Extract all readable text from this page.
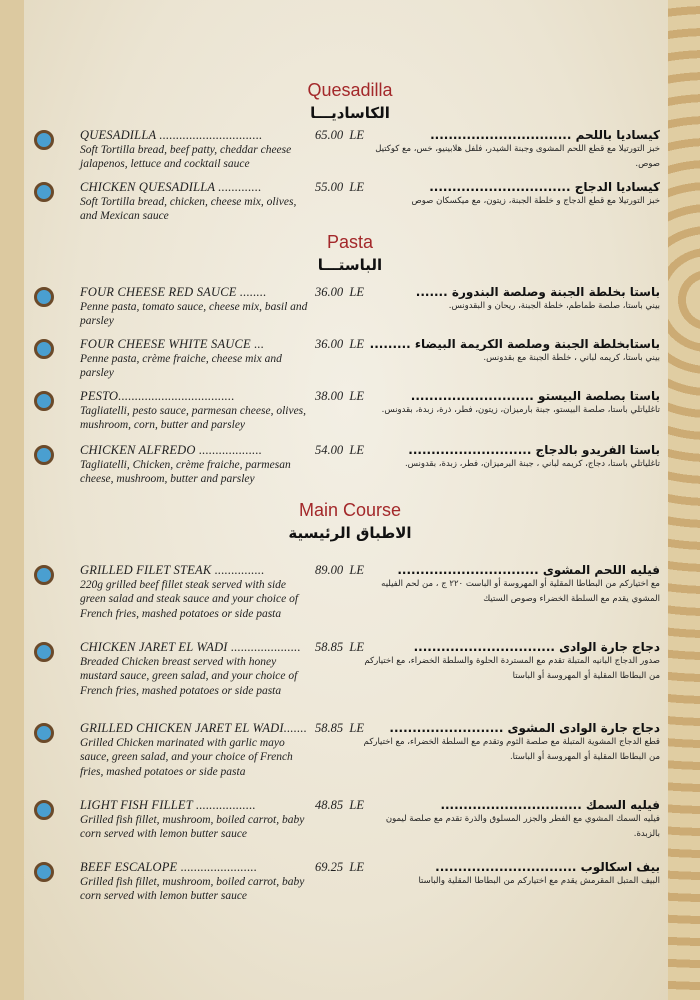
Quesadilla
الكاساديـــا
QUESADILLA ...............................
Soft Tortilla bread, beef patty, cheddar cheese jalapenos, lettuce and cocktail sauce
65.00  LE	كيساديا باللحم ...............................
خبز التورتيلا مع قطع اللحم المشوى وجبنة الشيدر، فلفل هلابينيو، خس، مع كوكتيل صوص.
CHICKEN QUESADILLA .............
Soft Tortilla bread, chicken, cheese mix, olives, and Mexican sauce
55.00  LE	كيساديا الدجاج ...............................
خبز التورتيلا مع قطع الدجاج و خلطة الجبنة، زيتون، مع ميكسكان صوص
Pasta
الباستـــا
FOUR CHEESE RED SAUCE ........
Penne pasta, tomato sauce, cheese mix, basil and parsley
36.00  LE	باستا بخلطة الجبنة وصلصة البندورة .......
بيني باستا، صلصة طماطم، خلطة الجبنة، ريحان و البقدونس.
FOUR CHEESE WHITE SAUCE ...
Penne pasta, crème fraiche, cheese mix and parsley
36.00  LE باستابخلطة الجبنة وصلصة الكريمة البيضاء .........
بيني باستا، كريمه لباني ، خلطة الجبنة مع بقدونس.
PESTO...................................
Tagliatelli, pesto sauce, parmesan cheese, olives, mushroom, corn, butter and parsley
38.00  LE	باستا بصلصة البيستو ...........................
تاغلياتلي باستا، صلصة البيستو، جبنة بارميزان، زيتون، فطر، ذرة، زبدة، بقدونس.
CHICKEN ALFREDO ...................
Tagliatelli, Chicken, crème fraiche, parmesan cheese, mushroom, butter and parsley
54.00  LE	باستا الفريدو بالدجاج ...........................
تاغلياتلي باستا، دجاج، كريمه لباني ، جبنة البرميزان، فطر، زبدة، بقدونس.
Main Course
الاطباق الرئيسية
GRILLED FILET STEAK ...............
220g grilled beef fillet steak served with side green salad and steak sauce and your choice of French fries, mashed potatoes or side pasta
89.00  LE	فيليه اللحم المشوى ...............................
مع اختياركم من البطاطا المقلية أو المهروسة أو الباست ٢٢٠ ج ، من لحم الفيليه المشوي يقدم مع السلطة الخضراء وصوص الستيك
CHICKEN JARET EL WADI .....................
Breaded Chicken breast served with honey mustard sauce, green salad, and your choice of French fries, mashed potatoes or side pasta
58.85  LE	دجاج جارة الوادى ...............................
صدور الدجاج البانيه المتبلة تقدم مع المستردة الحلوة والسلطة الخضراء، مع اختياركم من البطاطا المقلية أو المهروسة أو الباستا
GRILLED CHICKEN JARET EL WADI.......
Grilled Chicken marinated with garlic mayo sauce, green salad, and your choice of French fries, mashed potatoes or side pasta
58.85  LE	دجاج جارة الوادى المشوى .........................
قطع الدجاج المشوية المتبلة مع صلصة الثوم وتقدم مع السلطة الخضراء، مع اختياركم من البطاطا المقلية أو المهروسة أو الباستا.
LIGHT FISH FILLET ..................
Grilled fish fillet, mushroom, boiled carrot, baby corn served with lemon butter sauce
48.85  LE	فيليه السمك ...............................
فيليه السمك المشوي مع الفطر والجزر المسلوق والذرة تقدم مع صلصة ليمون بالزبدة.
BEEF ESCALOPE .......................
Grilled fish fillet, mushroom, boiled carrot, baby corn served with lemon butter sauce
69.25  LE	بيف اسكالوب ...............................
البيف المتبل المقرمش يقدم مع اختياركم من البطاطا المقلية والباستا
